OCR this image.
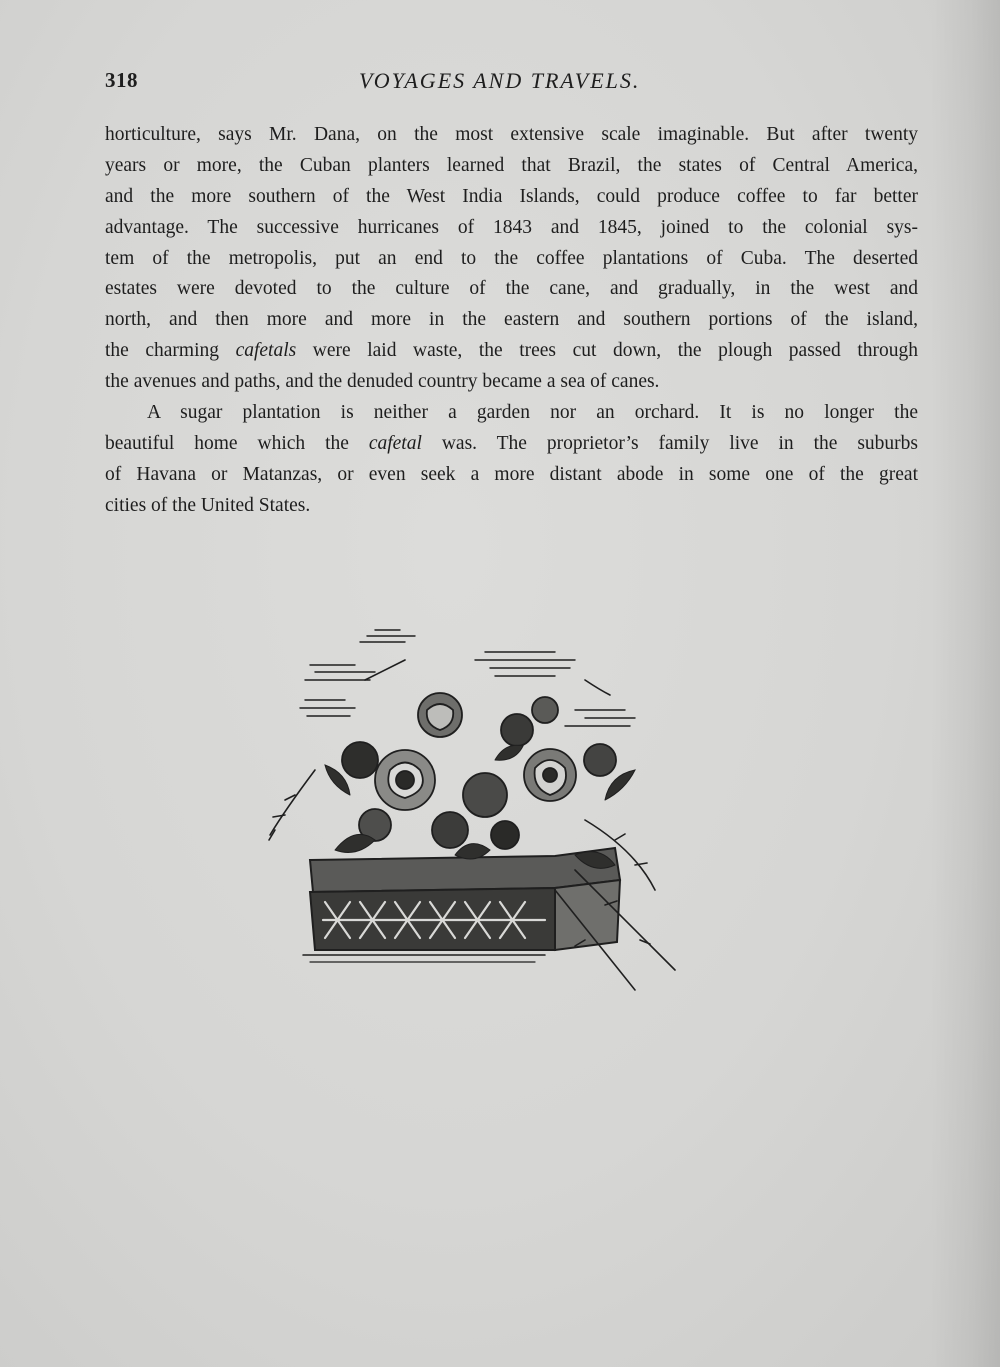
318	VOYAGES AND TRAVELS.
horticulture, says Mr. Dana, on the most extensive scale imaginable. But after twenty
years or more, the Cuban planters learned that Brazil, the states of Central America,
and the more southern of the West India Islands, could produce coffee to far better
advantage. The successive hurricanes of 1843 and 1845, joined to the colonial sys-
tem of the metropolis, put an end to the coffee plantations of Cuba. The deserted
estates were devoted to the culture of the cane, and gradually, in the west and
north, and then more and more in the eastern and southern portions of the island,
the charming cafetals were laid waste, the trees cut down, the plough passed through
the avenues and paths, and the denuded country became a sea of canes.
A sugar plantation is neither a garden nor an orchard. It is no longer the
beautiful home which the cafetal was. The proprietor’s family live in the suburbs
of Havana or Matanzas, or even seek a more distant abode in some one of the great
cities of the United States.
